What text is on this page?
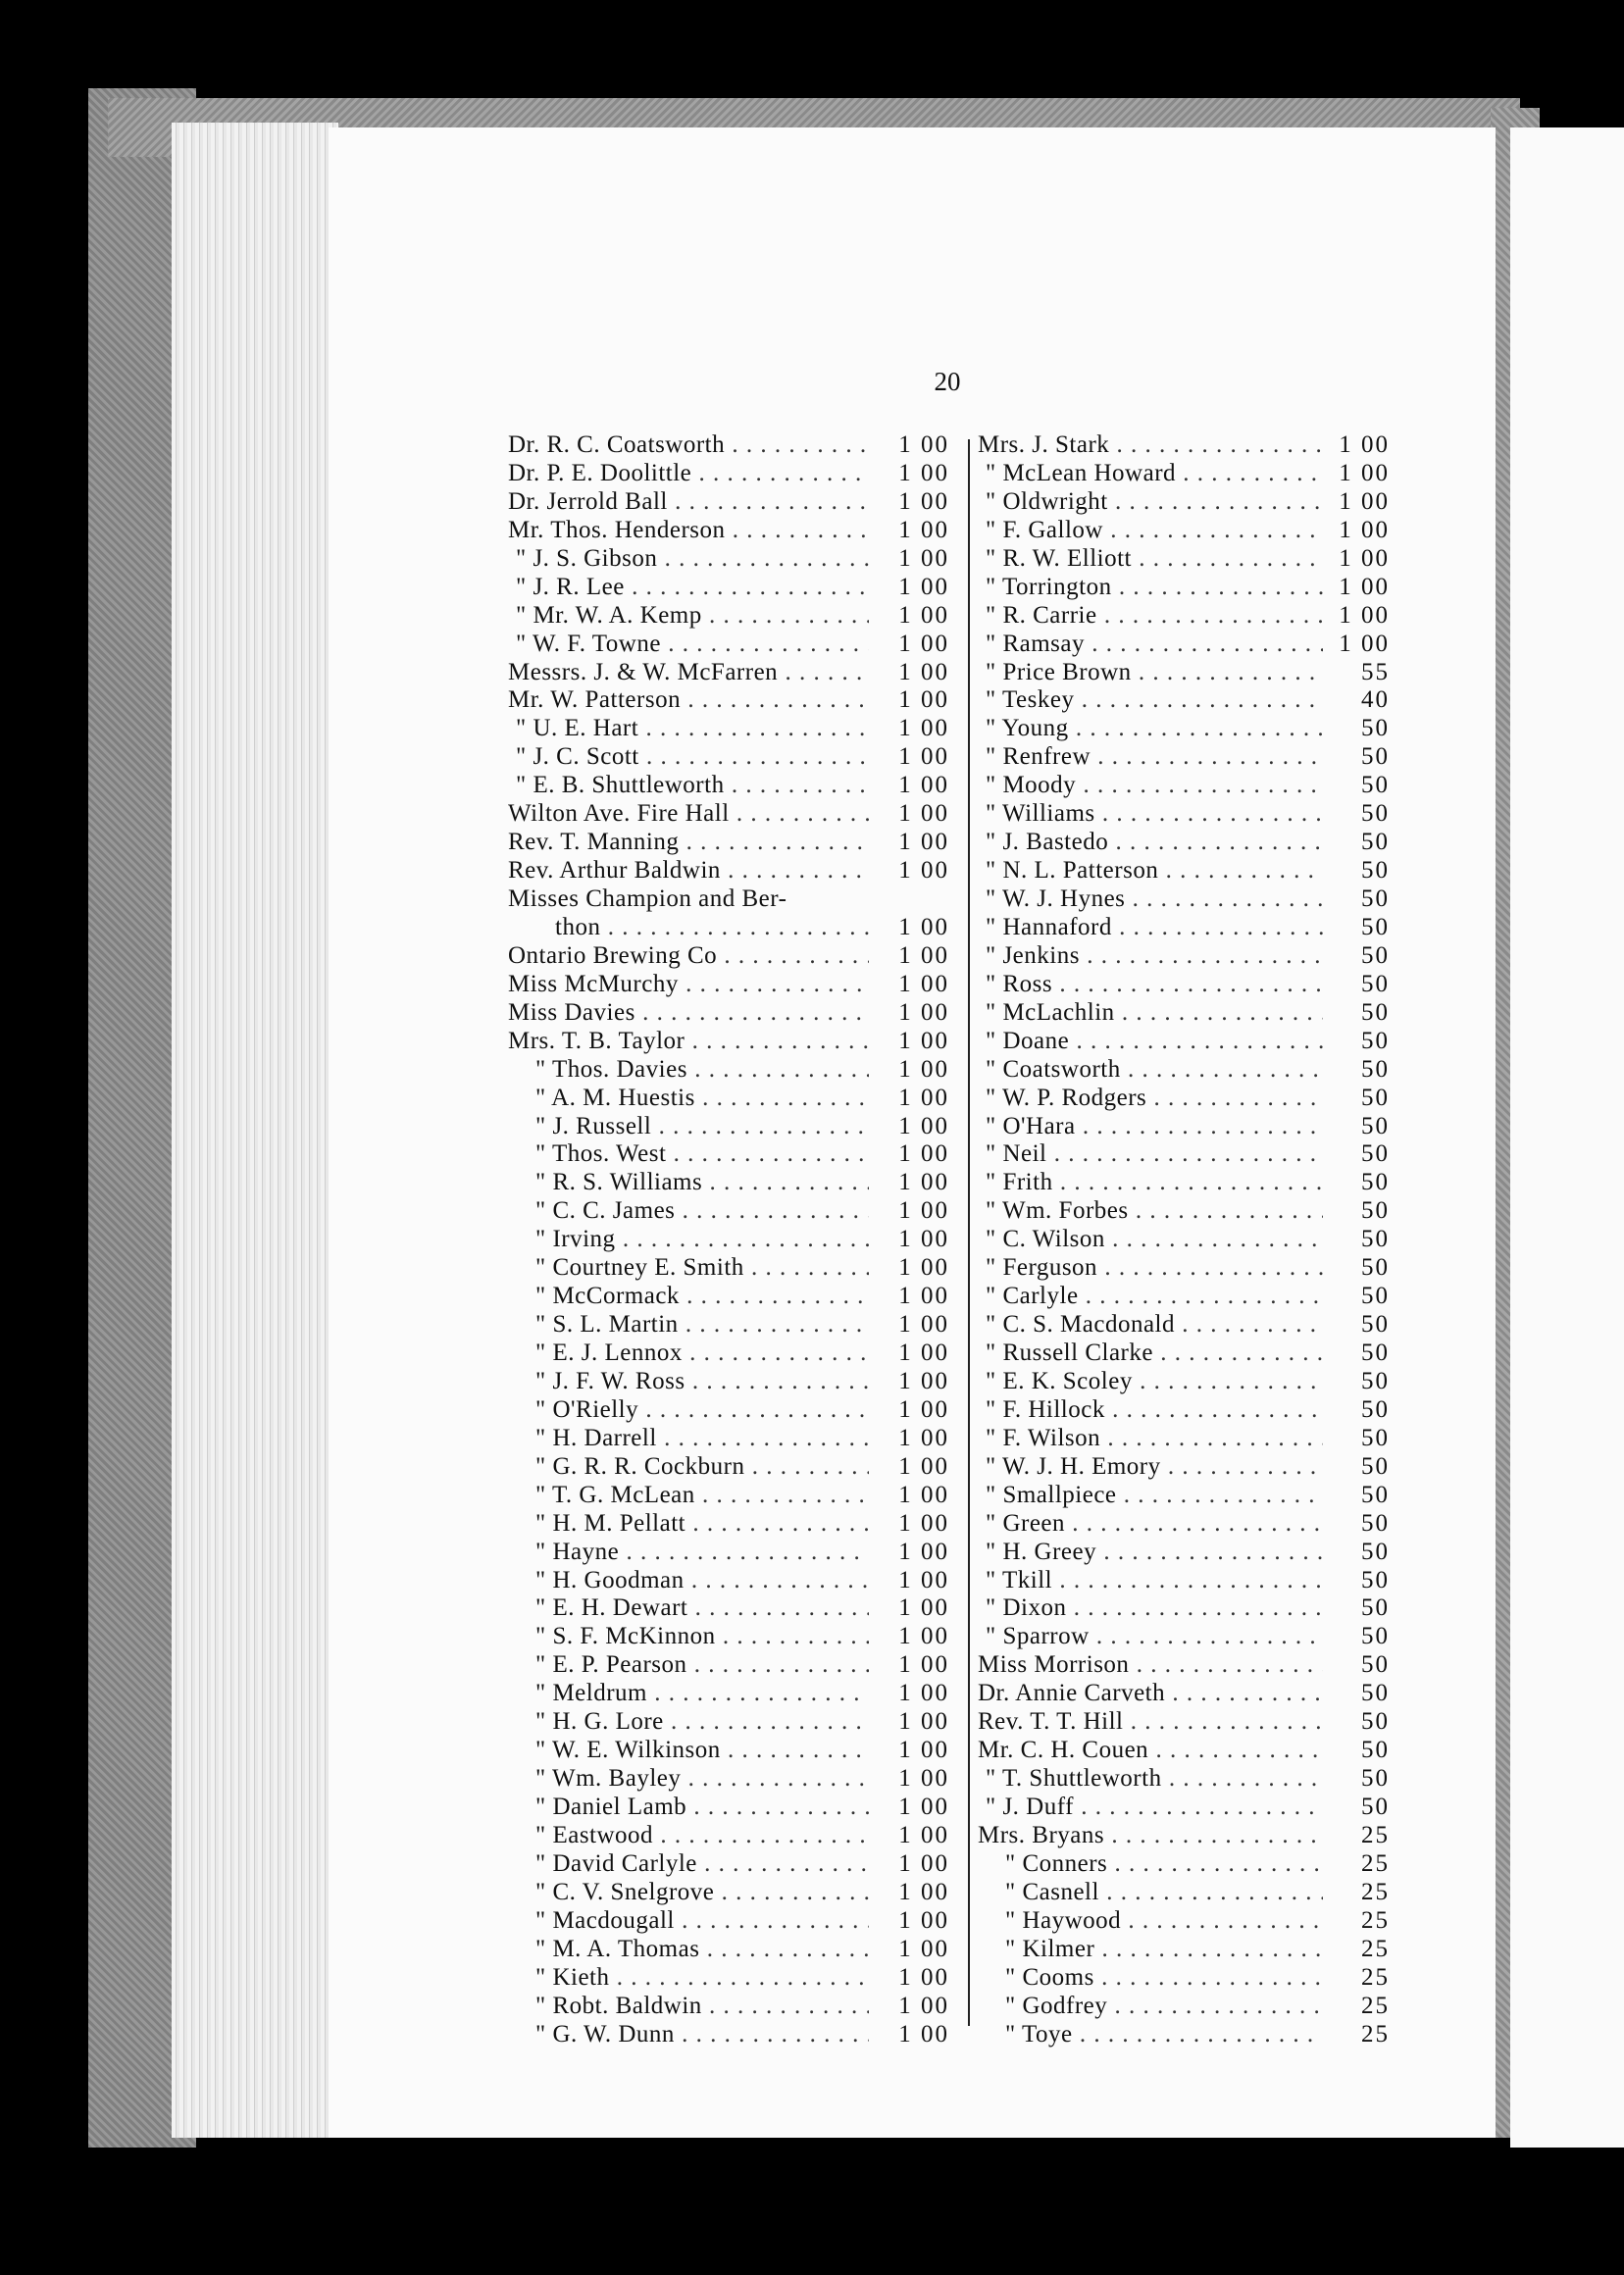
20
Dr. R. C. Coatsworth . . .	1 00
Dr. P. E. Doolittle . . .	1 00
Dr. Jerrold Ball . . .	1 00
Mr. Thos. Henderson . . .	1 00
" J. S. Gibson . . .	1 00
" J. R. Lee . . .	1 00
" Mr. W. A. Kemp . . .	1 00
" W. F. Towne . . .	1 00
Messrs. J. & W. McFarren . . .	1 00
Mr. W. Patterson . . .	1 00
" U. E. Hart . . .	1 00
" J. C. Scott . . .	1 00
" E. B. Shuttleworth . . .	1 00
Wilton Ave. Fire Hall . . .	1 00
Rev. T. Manning . . .	1 00
Rev. Arthur Baldwin . . .	1 00
Misses Champion and Ber-
thon . . .	1 00
Ontario Brewing Co . . .	1 00
Miss McMurchy . . .	1 00
Miss Davies . . .	1 00
Mrs. T. B. Taylor . . .	1 00
" Thos. Davies . . .	1 00
" A. M. Huestis . . .	1 00
" J. Russell . . .	1 00
" Thos. West . . .	1 00
" R. S. Williams . . .	1 00
" C. C. James . . .	1 00
" Irving . . .	1 00
" Courtney E. Smith . . .	1 00
" McCormack . . .	1 00
" S. L. Martin . . .	1 00
" E. J. Lennox . . .	1 00
" J. F. W. Ross . . .	1 00
" O'Rielly . . .	1 00
" H. Darrell . . .	1 00
" G. R. R. Cockburn . . .	1 00
" T. G. McLean . . .	1 00
" H. M. Pellatt . . .	1 00
" Hayne . . .	1 00
" H. Goodman . . .	1 00
" E. H. Dewart . . .	1 00
" S. F. McKinnon . . .	1 00
" E. P. Pearson . . .	1 00
" Meldrum . . .	1 00
" H. G. Lore . . .	1 00
" W. E. Wilkinson . . .	1 00
" Wm. Bayley . . .	1 00
" Daniel Lamb . . .	1 00
" Eastwood . . .	1 00
" David Carlyle . . .	1 00
" C. V. Snelgrove . . .	1 00
" Macdougall . . .	1 00
" M. A. Thomas . . .	1 00
" Kieth . . .	1 00
" Robt. Baldwin . . .	1 00
" G. W. Dunn . . .	1 00
Mrs. J. Stark . . .	1 00
" McLean Howard . . .	1 00
" Oldwright . . .	1 00
" F. Gallow . . .	1 00
" R. W. Elliott . . .	1 00
" Torrington . . .	1 00
" R. Carrie . . .	1 00
" Ramsay . . .	1 00
" Price Brown . . .	55
" Teskey . . .	40
" Young . . .	50
" Renfrew . . .	50
" Moody . . .	50
" Williams . . .	50
" J. Bastedo . . .	50
" N. L. Patterson . . .	50
" W. J. Hynes . . .	50
" Hannaford . . .	50
" Jenkins . . .	50
" Ross . . .	50
" McLachlin . . .	50
" Doane . . .	50
" Coatsworth . . .	50
" W. P. Rodgers . . .	50
" O'Hara . . .	50
" Neil . . .	50
" Frith . . .	50
" Wm. Forbes . . .	50
" C. Wilson . . .	50
" Ferguson . . .	50
" Carlyle . . .	50
" C. S. Macdonald . . .	50
" Russell Clarke . . .	50
" E. K. Scoley . . .	50
" F. Hillock . . .	50
" F. Wilson . . .	50
" W. J. H. Emory . . .	50
" Smallpiece . . .	50
" Green . . .	50
" H. Greey . . .	50
" Tkill . . .	50
" Dixon . . .	50
" Sparrow . . .	50
Miss Morrison . . .	50
Dr. Annie Carveth . . .	50
Rev. T. T. Hill . . .	50
Mr. C. H. Couen . . .	50
" T. Shuttleworth . . .	50
" J. Duff . . .	50
Mrs. Bryans . . .	25
" Conners . . .	25
" Casnell . . .	25
" Haywood . . .	25
" Kilmer . . .	25
" Cooms . . .	25
" Godfrey . . .	25
" Toye . . .	25
